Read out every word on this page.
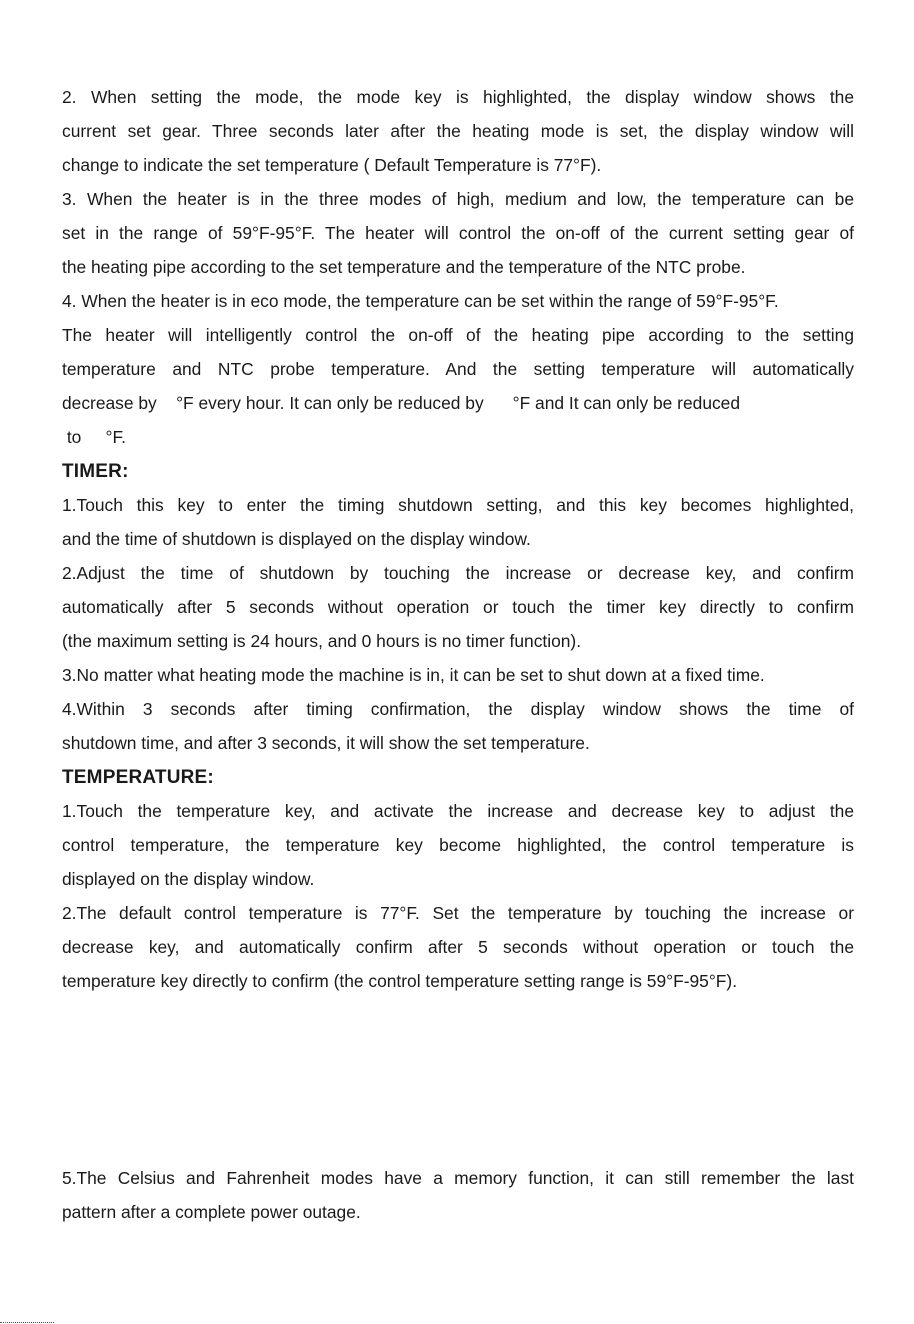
2. When setting the mode, the mode key is highlighted, the display window shows the
current set gear. Three seconds later after the heating mode is set, the display window will
change to indicate the set temperature ( Default Temperature is 77°F).
3. When the heater is in the three modes of high, medium and low, the temperature can be
set in the range of 59°F-95°F. The heater will control the on-off of the current setting gear of
the heating pipe according to the set temperature and the temperature of the NTC probe.
4. When the heater is in eco mode, the temperature can be set within the range of 59°F-95°F.
The heater will intelligently control the on-off of the heating pipe according to the setting
temperature and NTC probe temperature. And the setting temperature will automatically
decrease by    °F every hour. It can only be reduced by      °F and It can only be reduced
to     °F.
TIMER:
1.Touch this key to enter the timing shutdown setting, and this key becomes highlighted,
and the time of shutdown is displayed on the display window.
2.Adjust the time of shutdown by touching the increase or decrease key, and confirm
automatically after 5 seconds without operation or touch the timer key directly to confirm
(the maximum setting is 24 hours, and 0 hours is no timer function).
3.No matter what heating mode the machine is in, it can be set to shut down at a fixed time.
4.Within 3 seconds after timing confirmation, the display window shows the time of
shutdown time, and after 3 seconds, it will show the set temperature.
TEMPERATURE:
1.Touch the temperature key, and activate the increase and decrease key to adjust the
control temperature, the temperature key become highlighted, the control temperature is
displayed on the display window.
2.The default control temperature is 77°F. Set the temperature by touching the increase or
decrease key, and automatically confirm after 5 seconds without operation or touch the
temperature key directly to confirm (the control temperature setting range is 59°F-95°F).
5.The Celsius and Fahrenheit modes have a memory function, it can still remember the last
pattern after a complete power outage.
